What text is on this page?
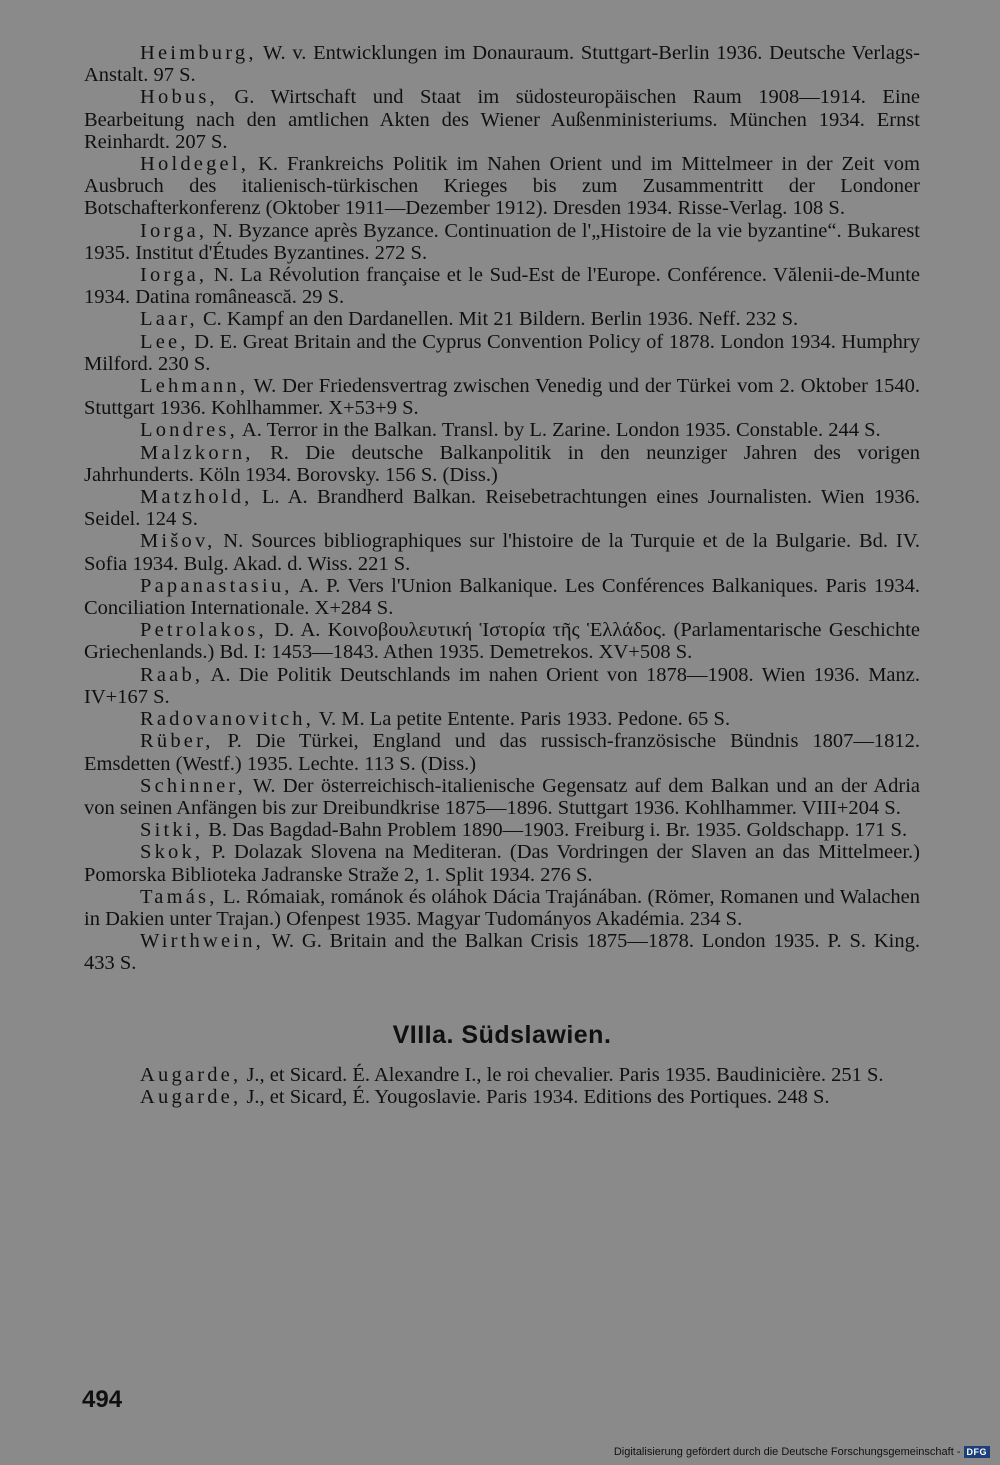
Heimburg, W. v. Entwicklungen im Donauraum. Stuttgart-Berlin 1936. Deutsche Verlags-Anstalt. 97 S.

Hobus, G. Wirtschaft und Staat im südosteuropäischen Raum 1908—1914. Eine Bearbeitung nach den amtlichen Akten des Wiener Außenministeriums. München 1934. Ernst Reinhardt. 207 S.

Holdegel, K. Frankreichs Politik im Nahen Orient und im Mittelmeer in der Zeit vom Ausbruch des italienisch-türkischen Krieges bis zum Zusammentritt der Londoner Botschafterkonferenz (Oktober 1911—Dezember 1912). Dresden 1934. Risse-Verlag. 108 S.

Iorga, N. Byzance après Byzance. Continuation de l'„Histoire de la vie byzantine“. Bukarest 1935. Institut d'Études Byzantines. 272 S.

Iorga, N. La Révolution française et le Sud-Est de l'Europe. Conférence. Vălenii-de-Munte 1934. Datina românească. 29 S.

Laar, C. Kampf an den Dardanellen. Mit 21 Bildern. Berlin 1936. Neff. 232 S.

Lee, D. E. Great Britain and the Cyprus Convention Policy of 1878. London 1934. Humphry Milford. 230 S.

Lehmann, W. Der Friedensvertrag zwischen Venedig und der Türkei vom 2. Oktober 1540. Stuttgart 1936. Kohlhammer. X+53+9 S.

Londres, A. Terror in the Balkan. Transl. by L. Zarine. London 1935. Constable. 244 S.

Malzkorn, R. Die deutsche Balkanpolitik in den neunziger Jahren des vorigen Jahrhunderts. Köln 1934. Borovsky. 156 S. (Diss.)

Matzhold, L. A. Brandherd Balkan. Reisebetrachtungen eines Journalisten. Wien 1936. Seidel. 124 S.

Mišov, N. Sources bibliographiques sur l'histoire de la Turquie et de la Bulgarie. Bd. IV. Sofia 1934. Bulg. Akad. d. Wiss. 221 S.

Papanastasiu, A. P. Vers l'Union Balkanique. Les Conférences Balkaniques. Paris 1934. Conciliation Internationale. X+284 S.

Petrolakos, D. A. Κοινοβουλευτική Ἱστορία τῆς Ἑλλάδος. (Parlamentarische Geschichte Griechenlands.) Bd. I: 1453—1843. Athen 1935. Demetrekos. XV+508 S.

Raab, A. Die Politik Deutschlands im nahen Orient von 1878—1908. Wien 1936. Manz. IV+167 S.

Radovanovitch, V. M. La petite Entente. Paris 1933. Pedone. 65 S.

Rüber, P. Die Türkei, England und das russisch-französische Bündnis 1807—1812. Emsdetten (Westf.) 1935. Lechte. 113 S. (Diss.)

Schinner, W. Der österreichisch-italienische Gegensatz auf dem Balkan und an der Adria von seinen Anfängen bis zur Dreibundkrise 1875—1896. Stuttgart 1936. Kohlhammer. VIII+204 S.

Sitki, B. Das Bagdad-Bahn Problem 1890—1903. Freiburg i. Br. 1935. Goldschapp. 171 S.

Skok, P. Dolazak Slovena na Mediteran. (Das Vordringen der Slaven an das Mittelmeer.) Pomorska Biblioteka Jadranske Straže 2, 1. Split 1934. 276 S.

Tamás, L. Rómaiak, románok és oláhok Dácia Trajánában. (Römer, Romanen und Walachen in Dakien unter Trajan.) Ofenpest 1935. Magyar Tudományos Akadémia. 234 S.

Wirthwein, W. G. Britain and the Balkan Crisis 1875—1878. London 1935. P. S. King. 433 S.

VIIIa. Südslawien.

Augarde, J., et Sicard. É. Alexandre I., le roi chevalier. Paris 1935. Baudinicière. 251 S.

Augarde, J., et Sicard, É. Yougoslavie. Paris 1934. Editions des Portiques. 248 S.

494
Digitalisierung gefördert durch die Deutsche Forschungsgemeinschaft - DFG
